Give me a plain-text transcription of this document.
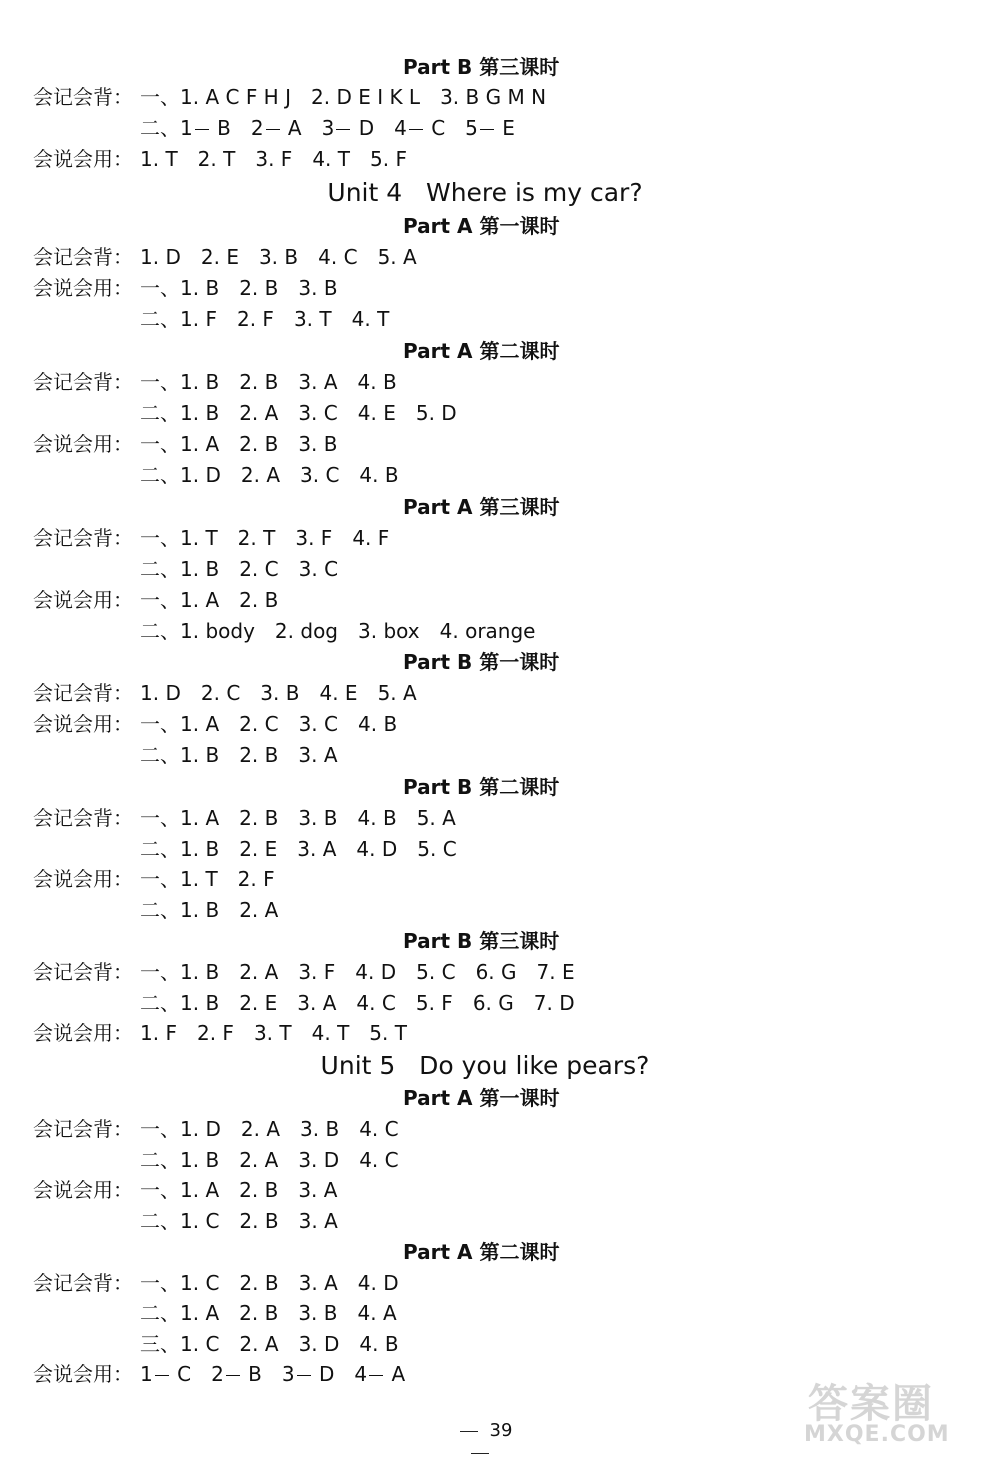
Part B 第三课时
会记会背： 一、 1. A C F H J 2. D E I K L 3. B G M N
二、 1 B 2 A 3 D 4 C 5 E
会说会用： 1. T 2. T 3. F 4. T 5. F
Unit 4   Where is my car?
Part A 第一课时
会记会背： 1. D 2. E 3. B 4. C 5. A
会说会用： 一、 1. B 2. B 3. B
二、 1. F 2. F 3. T 4. T
Part A 第二课时
会记会背： 一、 1. B 2. B 3. A 4. B
二、 1. B 2. A 3. C 4. E 5. D
会说会用： 一、 1. A 2. B 3. B
二、 1. D 2. A 3. C 4. B
Part A 第三课时
会记会背： 一、 1. T 2. T 3. F 4. F
二、 1. B 2. C 3. C
会说会用： 一、 1. A 2. B
二、 1. body 2. dog 3. box 4. orange
Part B 第一课时
会记会背： 1. D 2. C 3. B 4. E 5. A
会说会用： 一、 1. A 2. C 3. C 4. B
二、 1. B 2. B 3. A
Part B 第二课时
会记会背： 一、 1. A 2. B 3. B 4. B 5. A
二、 1. B 2. E 3. A 4. D 5. C
会说会用： 一、 1. T 2. F
二、 1. B 2. A
Part B 第三课时
会记会背： 一、 1. B 2. A 3. F 4. D 5. C 6. G 7. E
二、 1. B 2. E 3. A 4. C 5. F 6. G 7. D
会说会用： 1. F 2. F 3. T 4. T 5. T
Unit 5   Do you like pears?
Part A 第一课时
会记会背： 一、 1. D 2. A 3. B 4. C
二、 1. B 2. A 3. D 4. C
会说会用： 一、 1. A 2. B 3. A
二、 1. C 2. B 3. A
Part A 第二课时
会记会背： 一、 1. C 2. B 3. A 4. D
二、 1. A 2. B 3. B 4. A
三、 1. C 2. A 3. D 4. B
会说会用： 1 C 2 B 3 D 4 A
39
答案圈
MXQE.COM
